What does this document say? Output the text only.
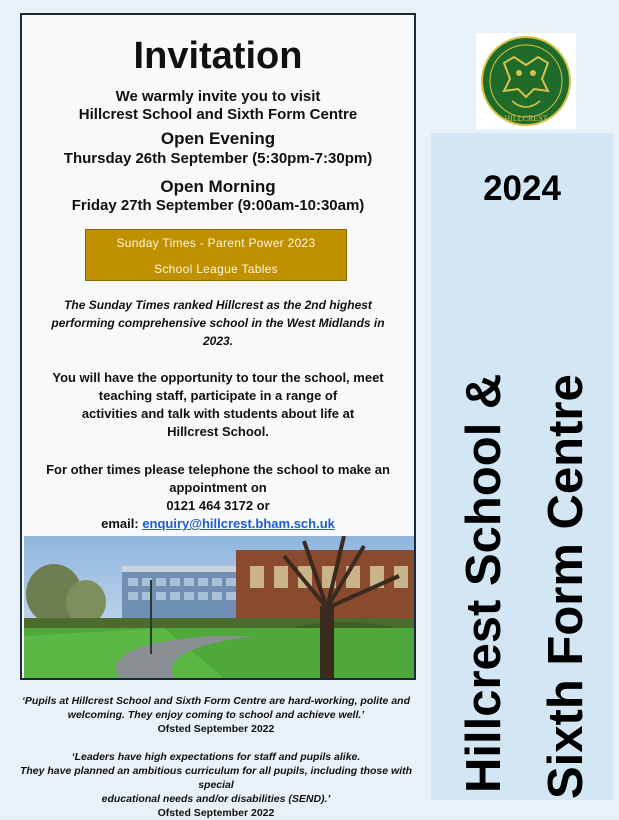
Invitation
We warmly invite you to visit
Hillcrest School and Sixth Form Centre
Open Evening
Thursday 26th September (5:30pm-7:30pm)
Open Morning
Friday 27th September (9:00am-10:30am)
Sunday Times - Parent Power 2023
School League Tables
The Sunday Times ranked Hillcrest as the 2nd highest
performing comprehensive school in the West Midlands in
2023.
You will have the opportunity to tour the school, meet
teaching staff, participate in a range of
activities and talk with students about life at
Hillcrest School.
For other times please telephone the school to make an
appointment on
0121 464 3172 or
email: enquiry@hillcrest.bham.sch.uk
‘Pupils at Hillcrest School and Sixth Form Centre are hard-working, polite and
welcoming. They enjoy coming to school and achieve well.’
Ofsted September 2022
‘Leaders have high expectations for staff and pupils alike.
They have planned an ambitious curriculum for all pupils, including those with special
educational needs and/or disabilities (SEND).’
Ofsted September 2022
HILLCREST
2024
Hillcrest School & Sixth Form Centre
